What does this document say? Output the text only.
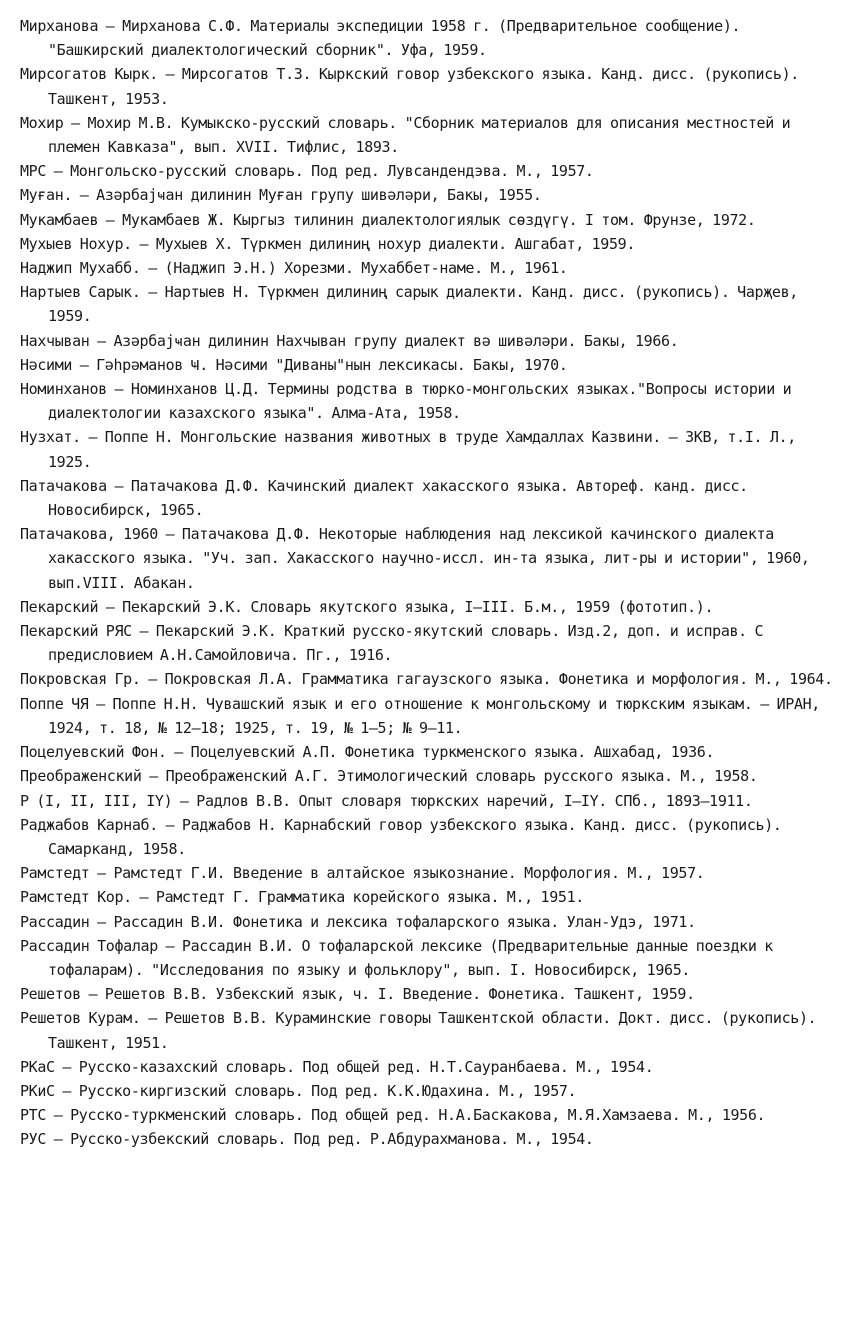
Мирханова – Мирханова С.Ф. Материалы экспедиции 1958 г. (Предварительное сообщение). "Башкирский диалектологический сборник". Уфа, 1959.
Мирсогатов Кырк. – Мирсогатов Т.З. Кыркский говор узбекского языка. Канд. дисс. (рукопись). Ташкент, 1953.
Мохир – Мохир М.В. Кумыкско-русский словарь. "Сборник материалов для описания местностей и племен Кавказа", вып. XVII. Тифлис, 1893.
МРС – Монгольско-русский словарь. Под ред. Лувсандендэва. М., 1957.
Муған. – Азәрбајҹан дилинин Муған групу шивәләри, Бакы, 1955.
Мукамбаев – Мукамбаев Ж. Кыргыз тилинин диалектологиялык сөздүгү. I том. Фрунзе, 1972.
Мухыев Нохур. – Мухыев Х. Түркмен дилиниң нохур диалекти. Ашгабат, 1959.
Наджип Мухабб. – (Наджип Э.Н.) Хорезми. Мухаббет-наме. М., 1961.
Нартыев Сарык. – Нартыев Н. Түркмен дилиниң сарык диалекти. Канд. дисс. (рукопись). Чарҗев, 1959.
Нахчыван – Азәрбајҹан дилинин Нахчыван групу диалект вә шивәләри. Бакы, 1966.
Нәсими – Гәһрәманов Ҹ. Нәсими "Диваны"нын лексикасы. Бакы, 1970.
Номинханов – Номинханов Ц.Д. Термины родства в тюрко-монгольских языках."Вопросы истории и диалектологии казахского языка". Алма-Ата, 1958.
Нузхат. – Поппе Н. Монгольские названия животных в труде Хамдаллах Казвини. – ЗКВ, т.I. Л., 1925.
Патачакова – Патачакова Д.Ф. Качинский диалект хакасского языка. Автореф. канд. дисс. Новосибирск, 1965.
Патачакова, 1960 – Патачакова Д.Ф. Некоторые наблюдения над лексикой качинского диалекта хакасского языка. "Уч. зап. Хакасского научно-иссл. ин-та языка, лит-ры и истории", 1960, вып.VIII. Абакан.
Пекарский – Пекарский Э.К. Словарь якутского языка, I–III. Б.м., 1959 (фототип.).
Пекарский РЯС – Пекарский Э.К. Краткий русско-якутский словарь. Изд.2, доп. и исправ. С предисловием А.Н.Самойловича. Пг., 1916.
Покровская Гр. – Покровская Л.А. Грамматика гагаузского языка. Фонетика и морфология. М., 1964.
Поппе ЧЯ – Поппе Н.Н. Чувашский язык и его отношение к монгольскому и тюркским языкам. – ИРАН, 1924, т. 18, № 12–18; 1925, т. 19, № 1–5; № 9–11.
Поцелуевский Фон. – Поцелуевский А.П. Фонетика туркменского языка. Ашхабад, 1936.
Преображенский – Преображенский А.Г. Этимологический словарь русского языка. М., 1958.
Р (I, II, III, IY) – Радлов В.В. Опыт словаря тюркских наречий, I–IY. СПб., 1893–1911.
Раджабов Карнаб. – Раджабов Н. Карнабский говор узбекского языка. Канд. дисс. (рукопись). Самарканд, 1958.
Рамстедт – Рамстедт Г.И. Введение в алтайское языкознание. Морфология. М., 1957.
Рамстедт Кор. – Рамстедт Г. Грамматика корейского языка. М., 1951.
Рассадин – Рассадин В.И. Фонетика и лексика тофаларского языка. Улан-Удэ, 1971.
Рассадин Тофалар – Рассадин В.И. О тофаларской лексике (Предварительные данные поездки к тофаларам). "Исследования по языку и фольклору", вып. I. Новосибирск, 1965.
Решетов – Решетов В.В. Узбекский язык, ч. I. Введение. Фонетика. Ташкент, 1959.
Решетов Курам. – Решетов В.В. Кураминские говоры Ташкентской области. Докт. дисс. (рукопись). Ташкент, 1951.
РКаС – Русско-казахский словарь. Под общей ред. Н.Т.Сауранбаева. М., 1954.
РКиС – Русско-киргизский словарь. Под ред. К.К.Юдахина. М., 1957.
РТС – Русско-туркменский словарь. Под общей ред. Н.А.Баскакова, М.Я.Хамзаева. М., 1956.
РУС – Русско-узбекский словарь. Под ред. Р.Абдурахманова. М., 1954.
